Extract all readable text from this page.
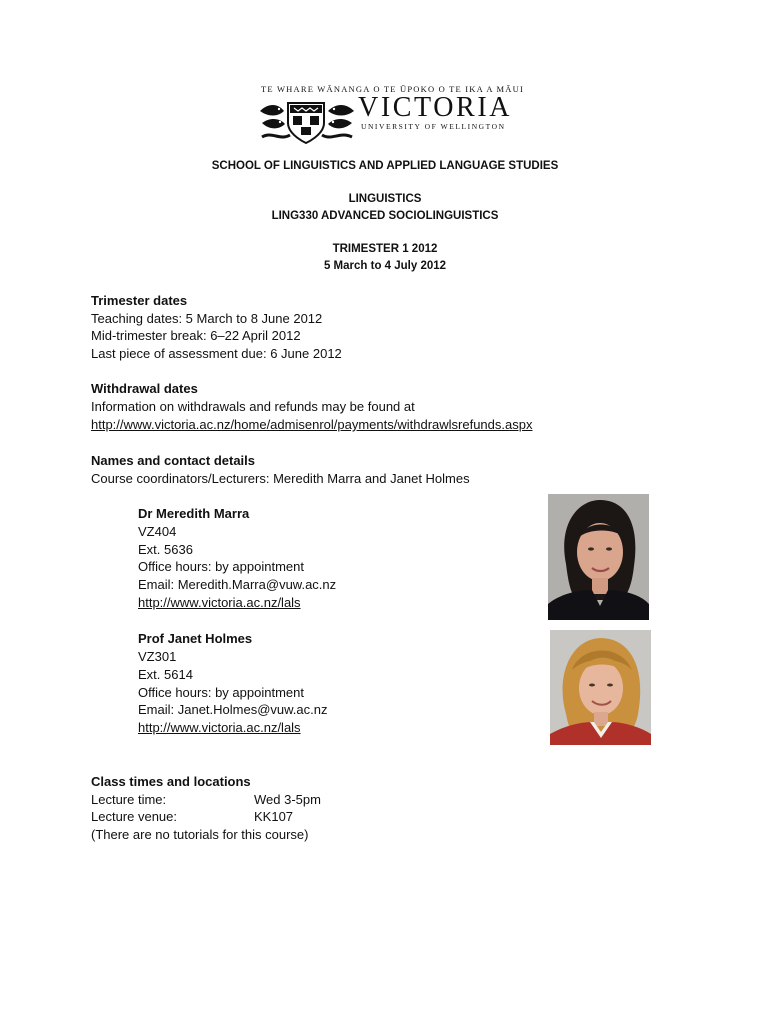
TE WHARE WĀNANGA O TE ŪPOKO O TE IKA A MĀUI
VICTORIA
UNIVERSITY OF WELLINGTON
SCHOOL OF LINGUISTICS AND APPLIED LANGUAGE STUDIES
LINGUISTICS
LING330 ADVANCED SOCIOLINGUISTICS
TRIMESTER 1 2012
5 March to 4 July 2012
Trimester dates
Teaching dates: 5 March to 8 June 2012
Mid-trimester break: 6–22 April 2012
Last piece of assessment due: 6 June 2012
Withdrawal dates
Information on withdrawals and refunds may be found at
http://www.victoria.ac.nz/home/admisenrol/payments/withdrawlsrefunds.aspx
Names and contact details
Course coordinators/Lecturers: Meredith Marra and Janet Holmes
Dr Meredith Marra
VZ404
Ext. 5636
Office hours: by appointment
Email: Meredith.Marra@vuw.ac.nz
http://www.victoria.ac.nz/lals
Prof Janet Holmes
VZ301
Ext. 5614
Office hours: by appointment
Email: Janet.Holmes@vuw.ac.nz
http://www.victoria.ac.nz/lals
Class times and locations
Lecture time:	Wed 3-5pm
Lecture venue:	KK107
(There are no tutorials for this course)
